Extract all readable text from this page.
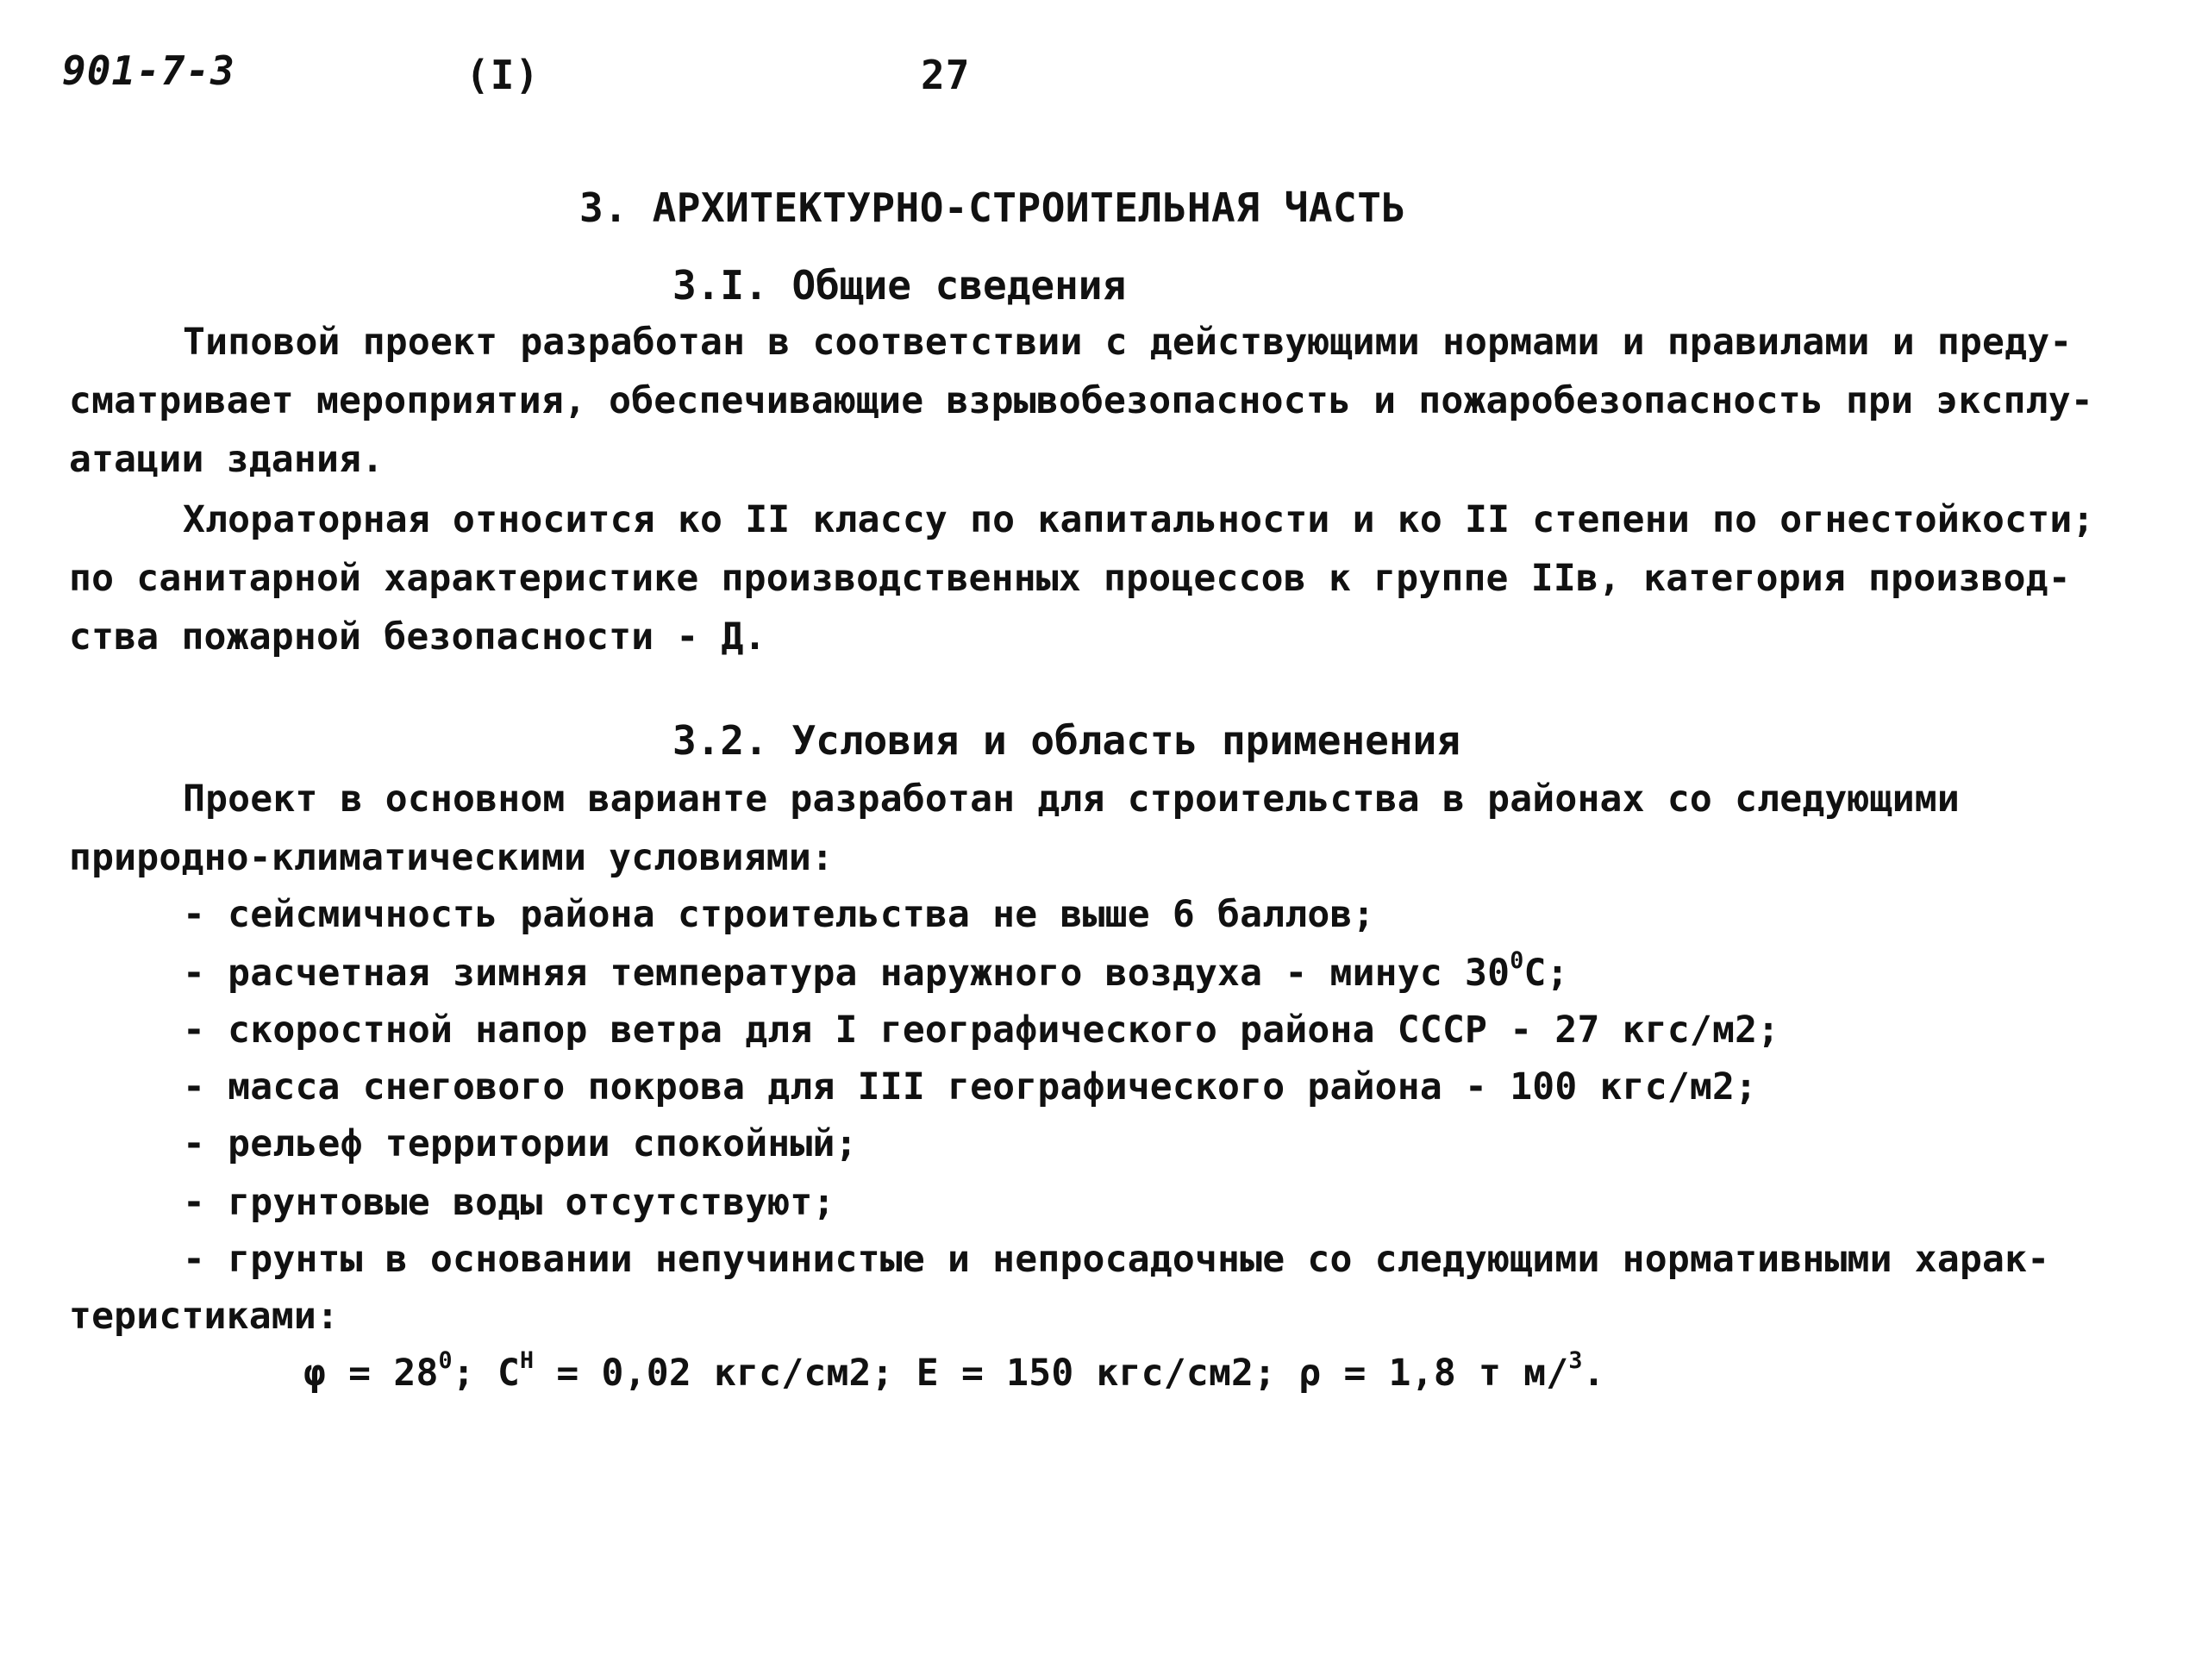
901-7-3	(I)	27
3. АРХИТЕКТУРНО-СТРОИТЕЛЬНАЯ ЧАСТЬ
3.I. Общие сведения
Типовой проект разработан в соответствии с действующими нормами и правилами и преду-
сматривает мероприятия, обеспечивающие взрывобезопасность и пожаробезопасность при эксплу-
атации здания.
Хлораторная относится ко II классу по капитальности и ко II степени по огнестойкости;
по санитарной характеристике производственных процессов к группе IIв, категория производ-
ства пожарной безопасности - Д.
3.2. Условия и область применения
Проект в основном варианте разработан для строительства в районах со следующими
природно-климатическими условиями:
- сейсмичность района строительства не выше 6 баллов;
- расчетная зимняя температура наружного воздуха - минус $30^0С$;
- скоростной напор ветра для I географического района СССР - 27 кгс/м2;
- масса снегового покрова для III географического района - 100 кгс/м2;
- рельеф территории спокойный;
- грунтовые воды отсутствуют;
- грунты в основании непучинистые и непросадочные со следующими нормативными харак-
теристиками:
$\varphi = 28^0$; $С^Н = 0,02$ кгс/см2; Е = 150 кгс/см2; ρ = 1,8 т м/$^3$.
